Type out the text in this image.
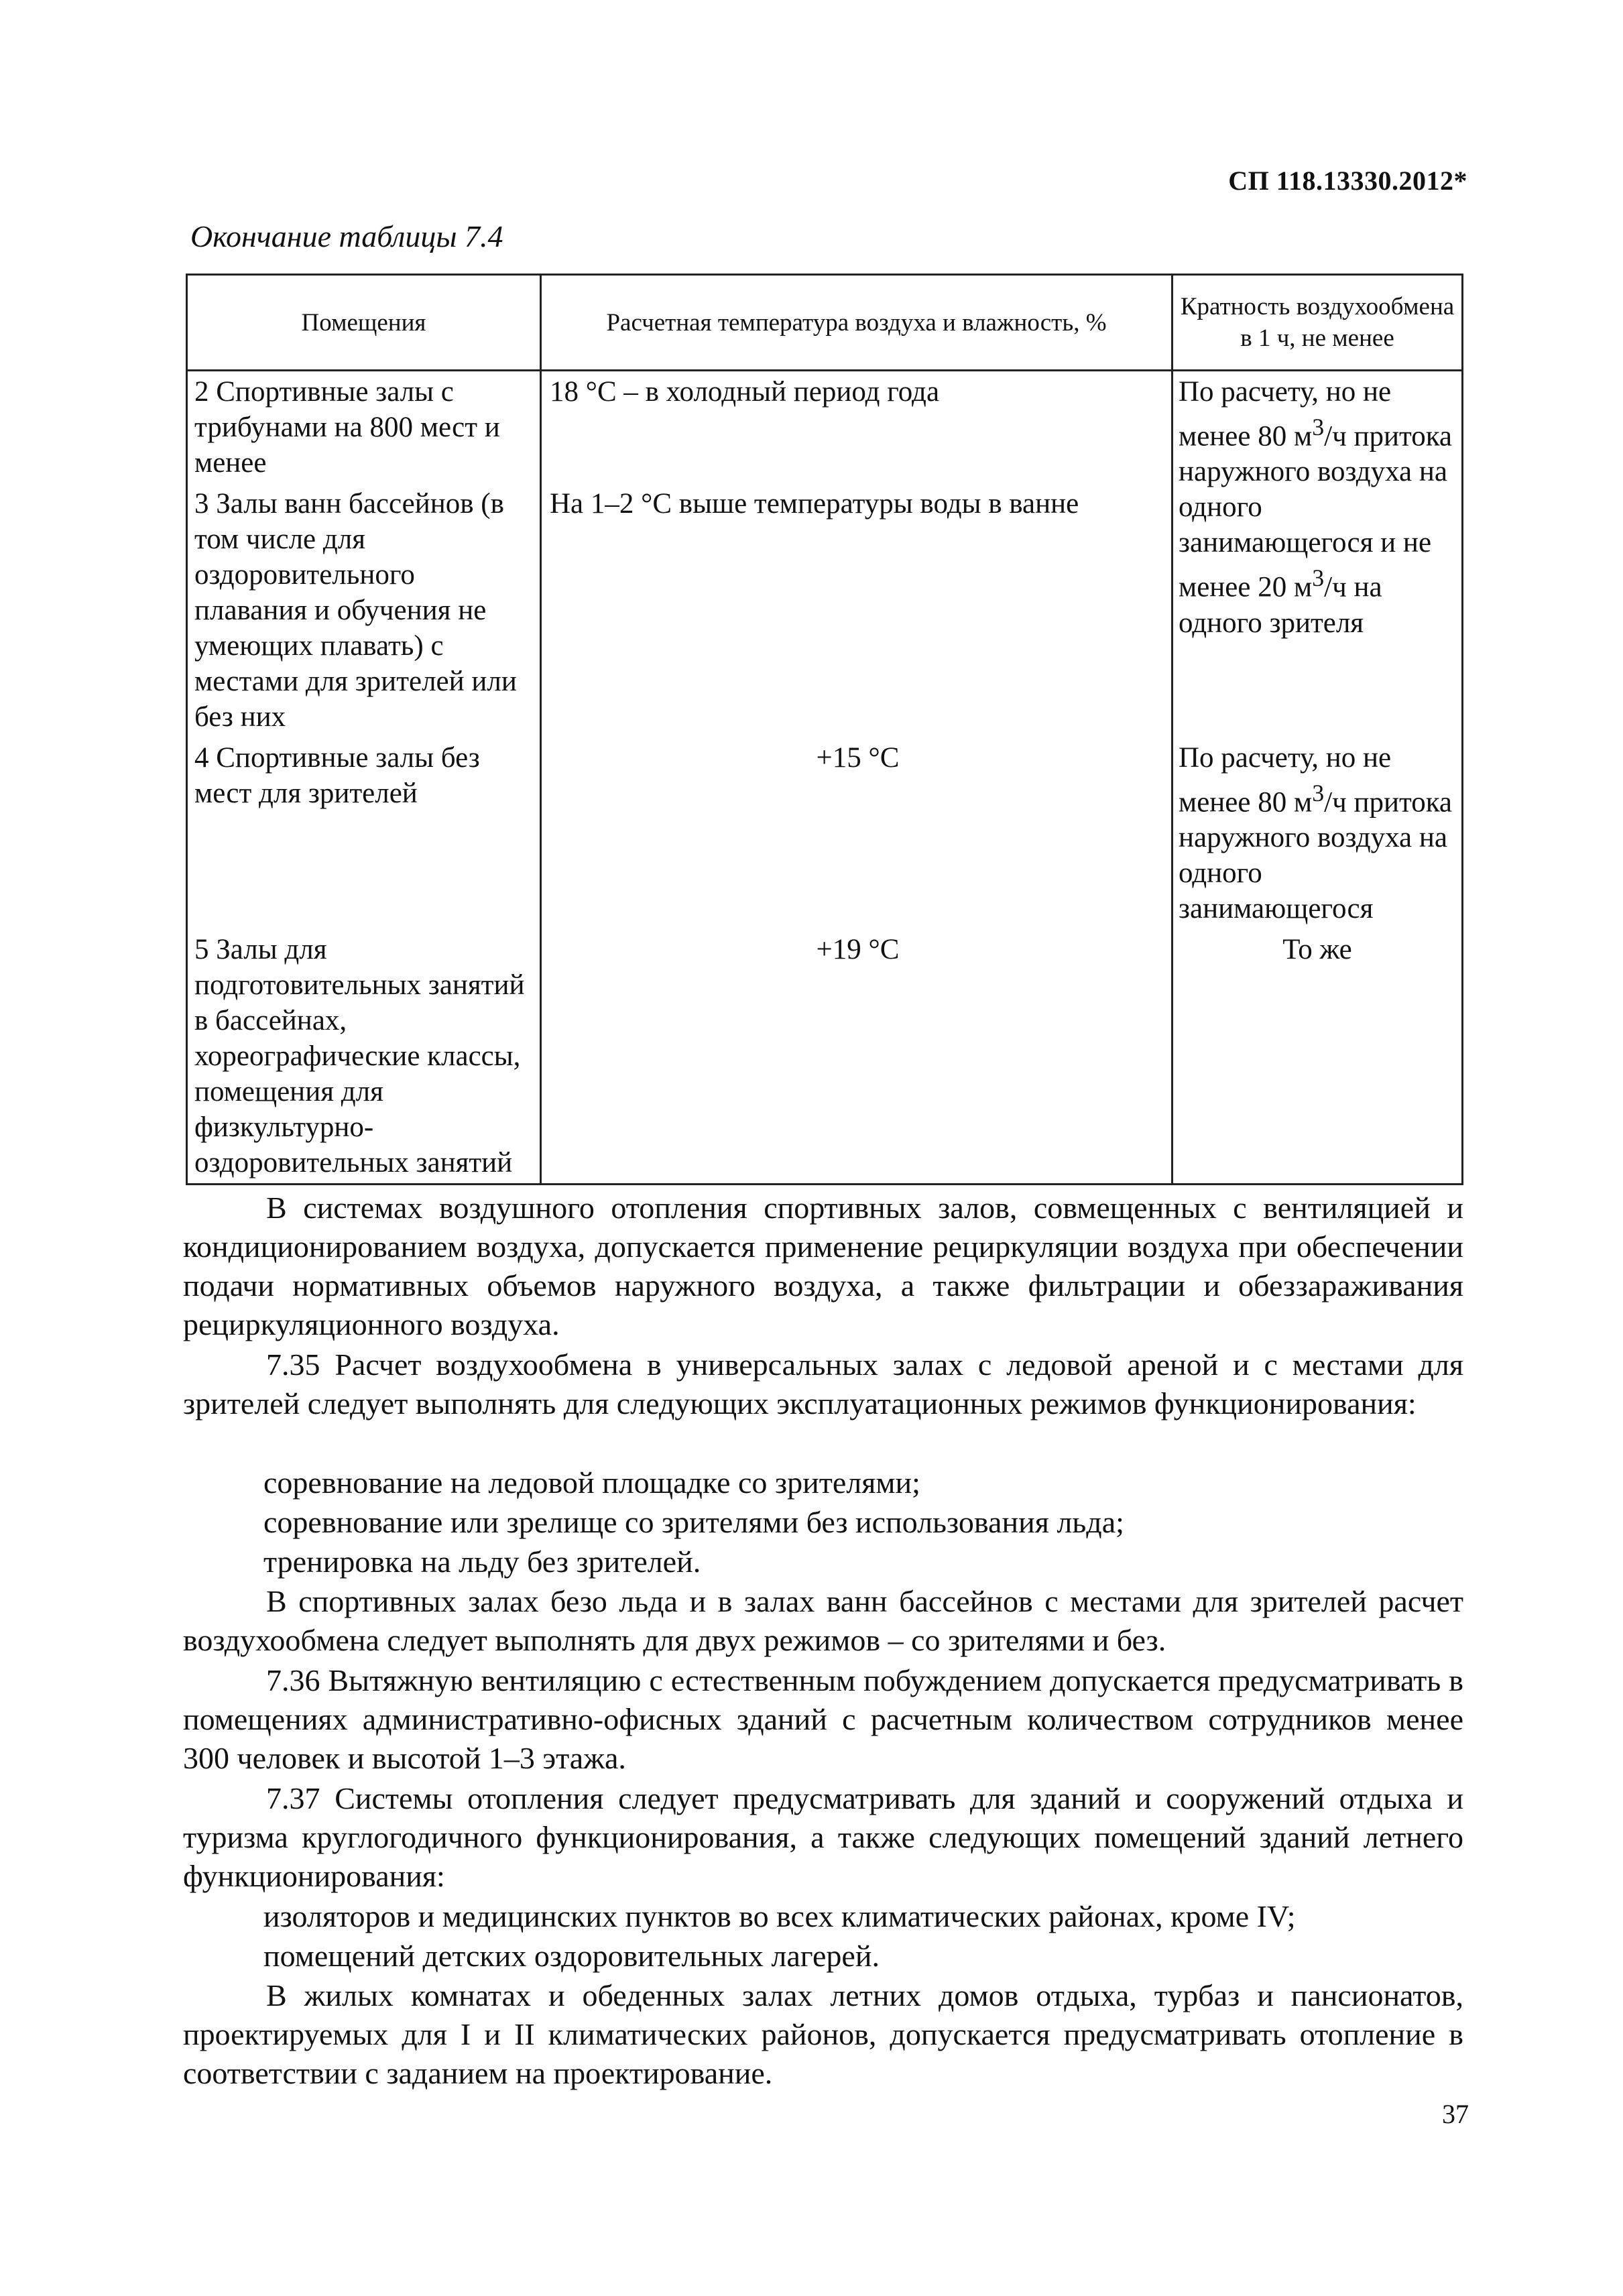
СП 118.13330.2012*
Окончание таблицы 7.4
Помещения	Расчетная температура воздуха и влажность, %	Кратность воздухообмена в 1 ч, не менее
2 Спортивные залы с трибунами на 800 мест и менее	18 °С – в холодный период года	По расчету, но не менее 80 $м^3/ч$ притока наружного воздуха на одного занимающегося и не менее 20 $м^3/ч$ на одного зрителя
3 Залы ванн бассейнов (в том числе для оздоровительного плавания и обучения не умеющих плавать) с местами для зрителей или без них	На 1–2 °С выше температуры воды в ванне	
4 Спортивные залы без мест для зрителей	+15 °С	По расчету, но не менее 80 $м^3/ч$ притока наружного воздуха на одного занимающегося
5 Залы для подготовительных занятий в бассейнах, хореографические классы, помещения для физкультурно-оздоровительных занятий	+19 °С	То же

В системах воздушного отопления спортивных залов, совмещенных с вентиляцией и кондиционированием воздуха, допускается применение рециркуляции воздуха при обеспечении подачи нормативных объемов наружного воздуха, а также фильтрации и обеззараживания рециркуляционного воздуха.

7.35 Расчет воздухообмена в универсальных залах с ледовой ареной и с местами для зрителей следует выполнять для следующих эксплуатационных режимов функционирования:

соревнование на ледовой площадке со зрителями;

соревнование или зрелище со зрителями без использования льда;

тренировка на льду без зрителей.

В спортивных залах безо льда и в залах ванн бассейнов с местами для зрителей расчет воздухообмена следует выполнять для двух режимов – со зрителями и без.

7.36 Вытяжную вентиляцию с естественным побуждением допускается предусматривать в помещениях административно-офисных зданий с расчетным количеством сотрудников менее 300 человек и высотой 1–3 этажа.

7.37 Системы отопления следует предусматривать для зданий и сооружений отдыха и туризма круглогодичного функционирования, а также следующих помещений зданий летнего функционирования:

изоляторов и медицинских пунктов во всех климатических районах, кроме IV;

помещений детских оздоровительных лагерей.

В жилых комнатах и обеденных залах летних домов отдыха, турбаз и пансионатов, проектируемых для I и II климатических районов, допускается предусматривать отопление в соответствии с заданием на проектирование.

37
